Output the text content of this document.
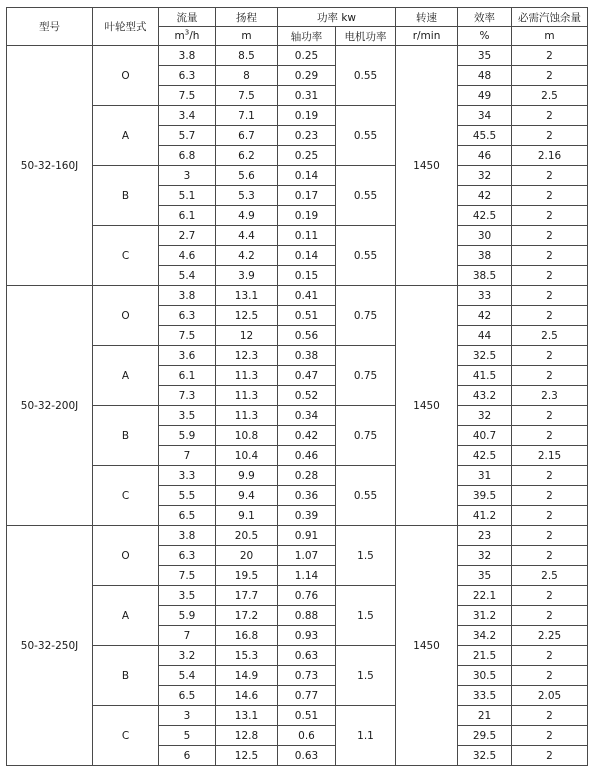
型号	叶轮型式	流量	扬程	功率 kw		转速	效率	必需汽蚀余量
		$m^3/h$	m	轴功率	电机功率	r/min	%	m
50-32-160J	O	3.8	8.5	0.25	0.55	1450	35	2
		6.3	8	0.29			48	2
		7.5	7.5	0.31			49	2.5
	A	3.4	7.1	0.19	0.55		34	2
		5.7	6.7	0.23			45.5	2
		6.8	6.2	0.25			46	2.16
	B	3	5.6	0.14	0.55		32	2
		5.1	5.3	0.17			42	2
		6.1	4.9	0.19			42.5	2
	C	2.7	4.4	0.11	0.55		30	2
		4.6	4.2	0.14			38	2
		5.4	3.9	0.15			38.5	2
50-32-200J	O	3.8	13.1	0.41	0.75	1450	33	2
		6.3	12.5	0.51			42	2
		7.5	12	0.56			44	2.5
	A	3.6	12.3	0.38	0.75		32.5	2
		6.1	11.3	0.47			41.5	2
		7.3	11.3	0.52			43.2	2.3
	B	3.5	11.3	0.34	0.75		32	2
		5.9	10.8	0.42			40.7	2
		7	10.4	0.46			42.5	2.15
	C	3.3	9.9	0.28	0.55		31	2
		5.5	9.4	0.36			39.5	2
		6.5	9.1	0.39			41.2	2
50-32-250J	O	3.8	20.5	0.91	1.5	1450	23	2
		6.3	20	1.07			32	2
		7.5	19.5	1.14			35	2.5
	A	3.5	17.7	0.76	1.5		22.1	2
		5.9	17.2	0.88			31.2	2
		7	16.8	0.93			34.2	2.25
	B	3.2	15.3	0.63	1.5		21.5	2
		5.4	14.9	0.73			30.5	2
		6.5	14.6	0.77			33.5	2.05
	C	3	13.1	0.51	1.1		21	2
		5	12.8	0.6			29.5	2
		6	12.5	0.63			32.5	2
